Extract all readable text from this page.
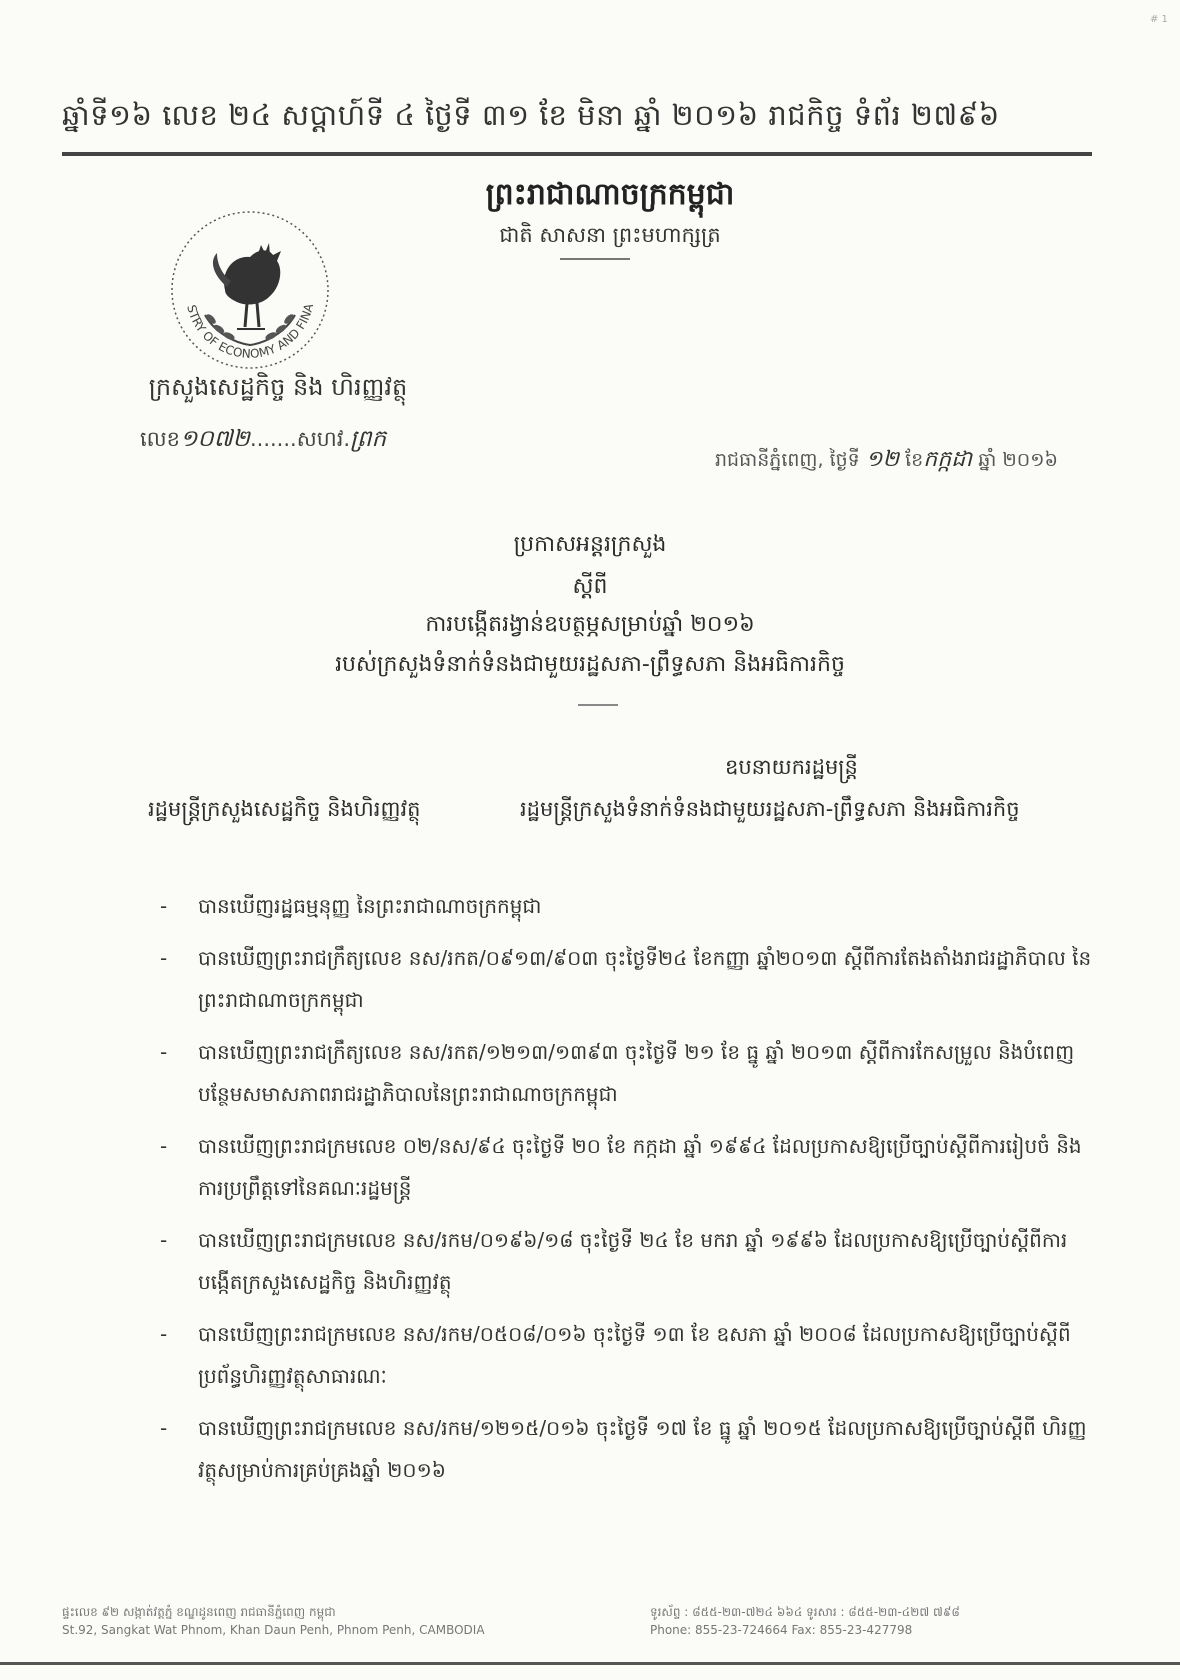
# 1
ឆ្នាំទី១៦ លេខ ២៤ សប្ដាហ៍ទី ៤ ថ្ងៃទី ៣១ ខែ មិនា ឆ្នាំ ២០១៦ រាជកិច្ច ទំព័រ ២៧៩៦
ព្រះរាជាណាចក្រកម្ពុជា
ជាតិ សាសនា ព្រះមហាក្សត្រ
STRY OF ECONOMY AND FINA
ក្រសួងសេដ្ឋកិច្ច និង ហិរញ្ញវត្ថុ
លេខ១០៧២.......សហវ.ព្រក
រាជធានីភ្នំពេញ, ថ្ងៃទី ១២ ខែកក្កដា ឆ្នាំ ២០១៦
ប្រកាសអន្តរក្រសួង
ស្ដីពី
ការបង្កើតរង្វាន់ឧបត្ថម្ភសម្រាប់ឆ្នាំ ២០១៦
របស់ក្រសួងទំនាក់ទំនងជាមួយរដ្ឋសភា-ព្រឹទ្ធសភា និងអធិការកិច្ច
ឧបនាយករដ្ឋមន្ត្រី
រដ្ឋមន្ត្រីក្រសួងសេដ្ឋកិច្ច និងហិរញ្ញវត្ថុ	រដ្ឋមន្ត្រីក្រសួងទំនាក់ទំនងជាមួយរដ្ឋសភា-ព្រឹទ្ធសភា និងអធិការកិច្ច
- បានឃើញរដ្ឋធម្មនុញ្ញ នៃព្រះរាជាណាចក្រកម្ពុជា
- បានឃើញព្រះរាជក្រឹត្យលេខ នស/រកត/០៩១៣/៩០៣ ចុះថ្ងៃទី២៤ ខែកញ្ញា ឆ្នាំ២០១៣ ស្ដីពីការតែងតាំងរាជរដ្ឋាភិបាល នៃព្រះរាជាណាចក្រកម្ពុជា
- បានឃើញព្រះរាជក្រឹត្យលេខ នស/រកត/១២១៣/១៣៩៣ ចុះថ្ងៃទី ២១ ខែ ធ្នូ ឆ្នាំ ២០១៣ ស្ដីពីការកែសម្រួល និងបំពេញបន្ថែមសមាសភាពរាជរដ្ឋាភិបាលនៃព្រះរាជាណាចក្រកម្ពុជា
- បានឃើញព្រះរាជក្រមលេខ ០២/នស/៩៤ ចុះថ្ងៃទី ២០ ខែ កក្កដា ឆ្នាំ ១៩៩៤ ដែលប្រកាសឱ្យប្រើច្បាប់ស្ដីពីការរៀបចំ និងការប្រព្រឹត្តទៅនៃគណៈរដ្ឋមន្ត្រី
- បានឃើញព្រះរាជក្រមលេខ នស/រកម/០១៩៦/១៨ ចុះថ្ងៃទី ២៤ ខែ មករា ឆ្នាំ ១៩៩៦ ដែលប្រកាសឱ្យប្រើច្បាប់ស្ដីពីការបង្កើតក្រសួងសេដ្ឋកិច្ច និងហិរញ្ញវត្ថុ
- បានឃើញព្រះរាជក្រមលេខ នស/រកម/០៥០៨/០១៦ ចុះថ្ងៃទី ១៣ ខែ ឧសភា ឆ្នាំ ២០០៨ ដែលប្រកាសឱ្យប្រើច្បាប់ស្ដីពី ប្រព័ន្ធហិរញ្ញវត្ថុសាធារណៈ
- បានឃើញព្រះរាជក្រមលេខ នស/រកម/១២១៥/០១៦ ចុះថ្ងៃទី ១៧ ខែ ធ្នូ ឆ្នាំ ២០១៥ ដែលប្រកាសឱ្យប្រើច្បាប់ស្ដីពី ហិរញ្ញវត្ថុសម្រាប់ការគ្រប់គ្រងឆ្នាំ ២០១៦
ផ្ទះលេខ ៩២ សង្កាត់វត្តភ្នំ ខណ្ឌដូនពេញ រាជធានីភ្នំពេញ កម្ពុជា
St.92, Sangkat Wat Phnom, Khan Daun Penh, Phnom Penh, CAMBODIA
ទូរស័ព្ទ : ៨៥៥-២៣-៧២៤ ៦៦៤ ទូរសារ : ៨៥៥-២៣-៤២៧ ៧៩៨
Phone: 855-23-724664 Fax: 855-23-427798
